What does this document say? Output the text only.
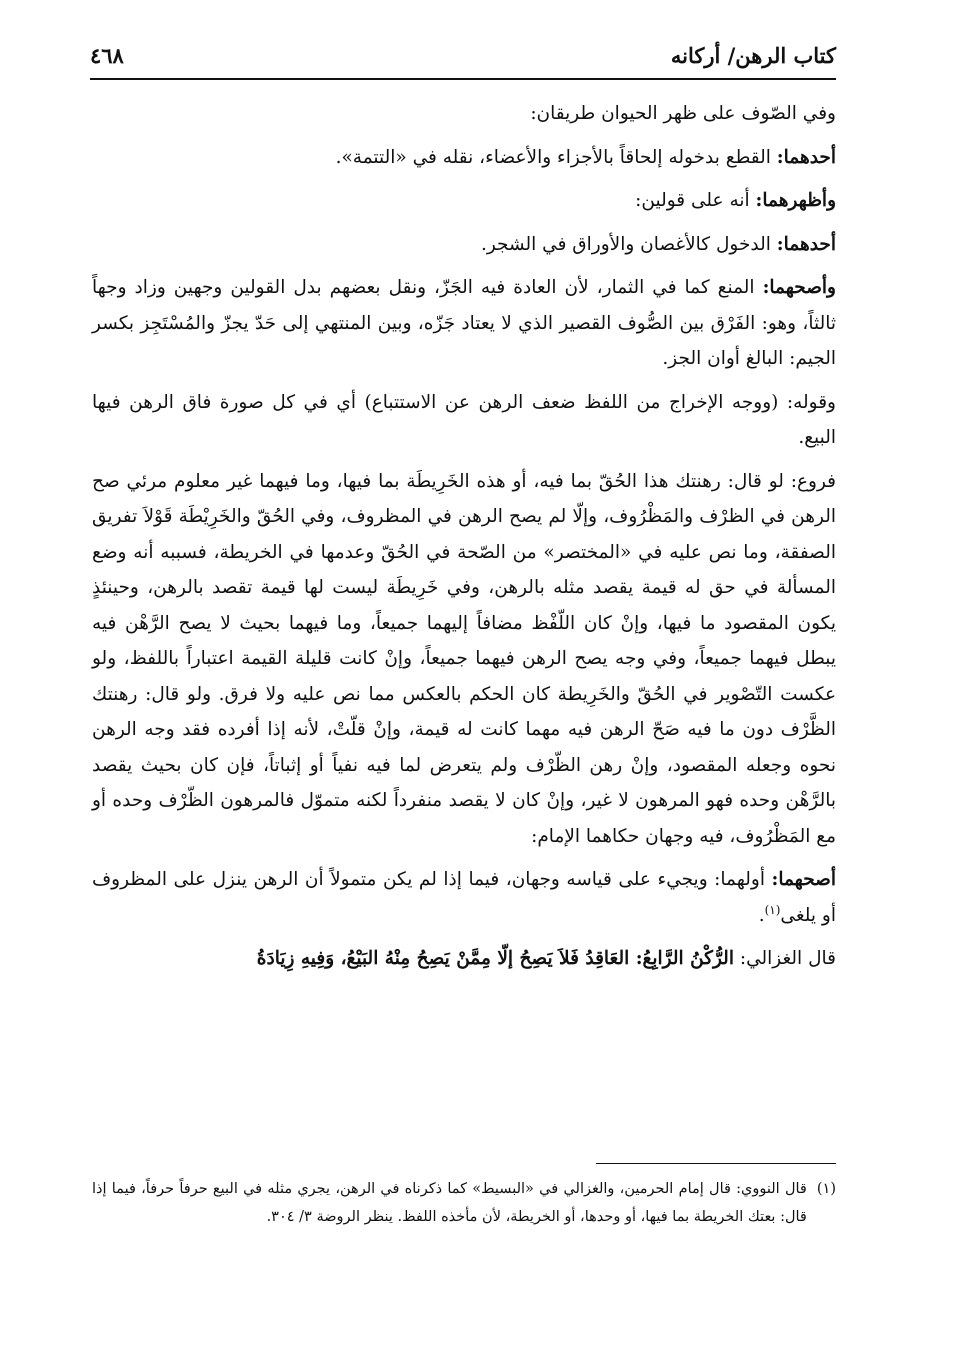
كتاب الرهن/ أركانه
٤٦٨

وفي الصّوف على ظهر الحيوان طريقان:

أحدهما: القطع بدخوله إلحاقاً بالأجزاء والأعضاء، نقله في «التتمة».

وأظهرهما: أنه على قولين:

أحدهما: الدخول كالأغصان والأوراق في الشجر.

وأصحهما: المنع كما في الثمار، لأن العادة فيه الجَزّ، ونقل بعضهم بدل القولين وجهين وزاد وجهاً ثالثاً، وهو: الفَرْق بين الصُّوف القصير الذي لا يعتاد جَزّه، وبين المنتهي إلى حَدّ يجزّ والمُسْتَجِز بكسر الجيم: البالغ أوان الجز.

وقوله: (ووجه الإخراج من اللفظ ضعف الرهن عن الاستتباع) أي في كل صورة فاق الرهن فيها البيع.

فروع: لو قال: رهنتك هذا الحُقّ بما فيه، أو هذه الخَرِيطَة بما فيها، وما فيهما غير معلوم مرئي صح الرهن في الظرْف والمَظْرُوف، وإلّا لم يصح الرهن في المظروف، وفي الحُقّ والخَرِيْطَة قَوْلاَ تفريق الصفقة، وما نص عليه في «المختصر» من الصّحة في الحُقّ وعدمها في الخريطة، فسببه أنه وضع المسألة في حق له قيمة يقصد مثله بالرهن، وفي خَرِيطَة ليست لها قيمة تقصد بالرهن، وحينئذٍ يكون المقصود ما فيها، وإنْ كان اللّفْظ مضافاً إليهما جميعاً، وما فيهما بحيث لا يصح الرَّهْن فيه يبطل فيهما جميعاً، وفي وجه يصح الرهن فيهما جميعاً، وإنْ كانت قليلة القيمة اعتباراً باللفظ، ولو عكست التّصْوير في الحُقّ والخَرِيطة كان الحكم بالعكس مما نص عليه ولا فرق. ولو قال: رهنتك الظَّرْف دون ما فيه صَحّ الرهن فيه مهما كانت له قيمة، وإنْ قلّتْ، لأنه إذا أفرده فقد وجه الرهن نحوه وجعله المقصود، وإنْ رهن الظّرْف ولم يتعرض لما فيه نفياً أو إثباتاً، فإن كان بحيث يقصد بالرَّهْن وحده فهو المرهون لا غير، وإنْ كان لا يقصد منفرداً لكنه متموّل فالمرهون الظّرْف وحده أو مع المَظْرُوف، فيه وجهان حكاهما الإمام:

أصحهما: أولهما: ويجيء على قياسه وجهان، فيما إذا لم يكن متمولاً أن الرهن ينزل على المظروف أو يلغى$^{(١)}$.

قال الغزالي: الرُّكْنُ الرَّابِعُ: العَاقِدُ فَلاَ يَصِحُ إلّا مِمَّنْ يَصِحُ مِنْهُ البَيْعُ، وَفِيهِ زِيَادَةُ

(١)

قال النووي: قال إمام الحرمين، والغزالي في «البسيط» كما ذكرناه في الرهن، يجري مثله في البيع حرفاً حرفاً، فيما إذا قال: بعتك الخريطة بما فيها، أو وحدها، أو الخريطة، لأن مأخذه اللفظ. ينظر الروضة ٣/ ٣٠٤.
